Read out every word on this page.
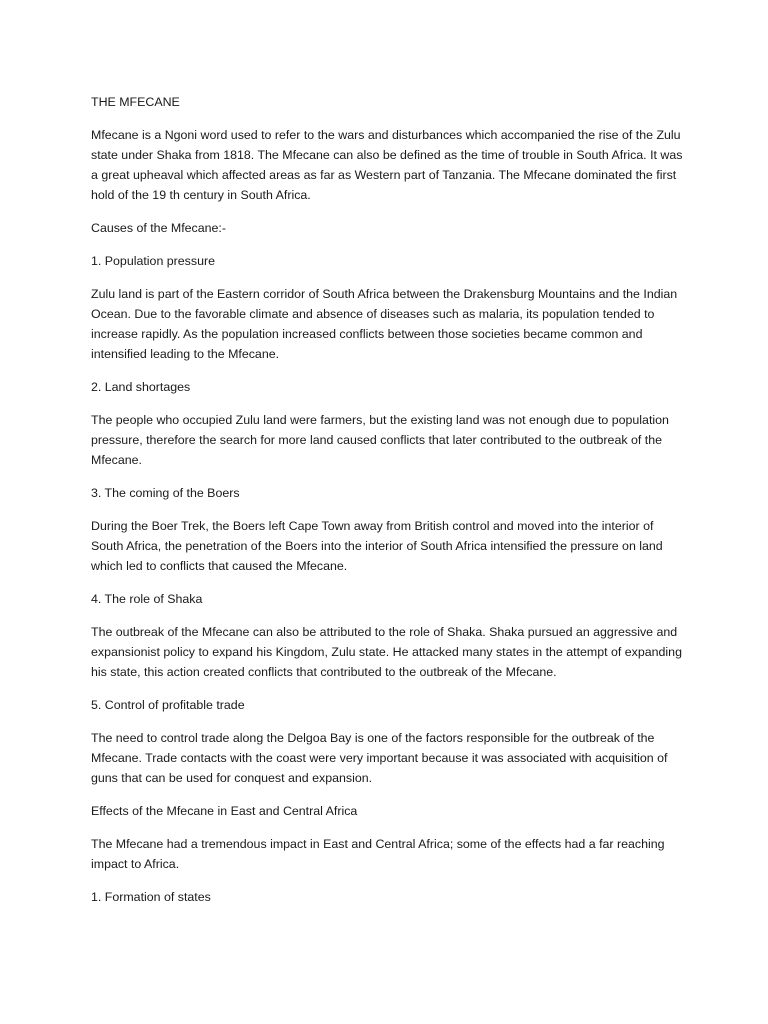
THE MFECANE

Mfecane is a Ngoni word used to refer to the wars and disturbances which accompanied the rise of the Zulu state under Shaka from 1818. The Mfecane can also be defined as the time of trouble in South Africa. It was a great upheaval which affected areas as far as Western part of Tanzania. The Mfecane dominated the first hold of the 19 th century in South Africa.

Causes of the Mfecane:-

1. Population pressure

Zulu land is part of the Eastern corridor of South Africa between the Drakensburg Mountains and the Indian Ocean. Due to the favorable climate and absence of diseases such as malaria, its population tended to increase rapidly. As the population increased conflicts between those societies became common and intensified leading to the Mfecane.

2. Land shortages

The people who occupied Zulu land were farmers, but the existing land was not enough due to population pressure, therefore the search for more land caused conflicts that later contributed to the outbreak of the Mfecane.

3. The coming of the Boers

During the Boer Trek, the Boers left Cape Town away from British control and moved into the interior of South Africa, the penetration of the Boers into the interior of South Africa intensified the pressure on land which led to conflicts that caused the Mfecane.

4. The role of Shaka

The outbreak of the Mfecane can also be attributed to the role of Shaka. Shaka pursued an aggressive and expansionist policy to expand his Kingdom, Zulu state. He attacked many states in the attempt of expanding his state, this action created conflicts that contributed to the outbreak of the Mfecane.

5. Control of profitable trade

The need to control trade along the Delgoa Bay is one of the factors responsible for the outbreak of the Mfecane. Trade contacts with the coast were very important because it was associated with acquisition of guns that can be used for conquest and expansion.

Effects of the Mfecane in East and Central Africa

The Mfecane had a tremendous impact in East and Central Africa; some of the effects had a far reaching impact to Africa.

1. Formation of states
